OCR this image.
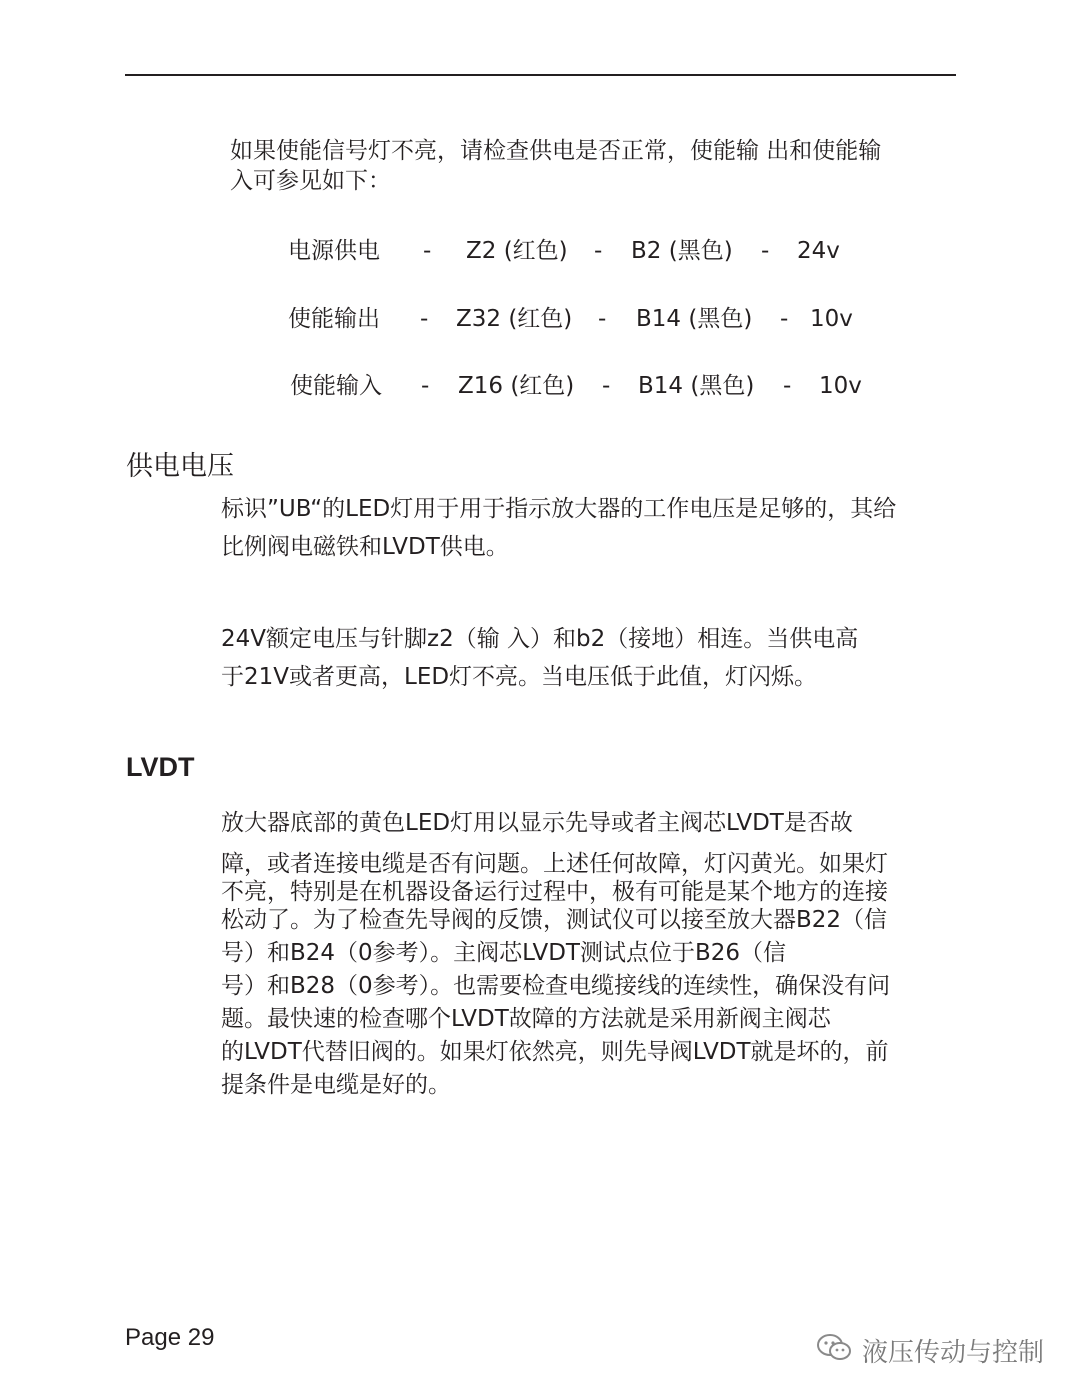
如果使能信号灯不亮，请检查供电是否正常，使能输 出和使能输
入可参见如下：

电源供电

-

Z2 (红色)

-

B2 (黑色)

-

24v

使能输出

-

Z32 (红色)

-

B14 (黑色)

-

10v

使能输入

-

Z16 (红色)

-

B14 (黑色)

-

10v

供电电压

标识”UB“的LED灯用于用于指示放大器的工作电压是足够的，其给
比例阀电磁铁和LVDT供电。

24V额定电压与针脚z2（输 入）和b2（接地）相连。当供电高
于21V或者更高，LED灯不亮。当电压低于此值，灯闪烁。

LVDT
放大器底部的黄色LED灯用以显示先导或者主阀芯LVDT是否故
障，或者连接电缆是否有问题。上述任何故障，灯闪黄光。如果灯
不亮，特别是在机器设备运行过程中，极有可能是某个地方的连接
松动了。为了检查先导阀的反馈，测试仪可以接至放大器B22（信
号）和B24（0参考）。主阀芯LVDT测试点位于B26（信
号）和B28（0参考）。也需要检查电缆接线的连续性，确保没有问
题。最快速的检查哪个LVDT故障的方法就是采用新阀主阀芯
的LVDT代替旧阀的。如果灯依然亮，则先导阀LVDT就是坏的，前
提条件是电缆是好的。
Page 29	液压传动与控制
